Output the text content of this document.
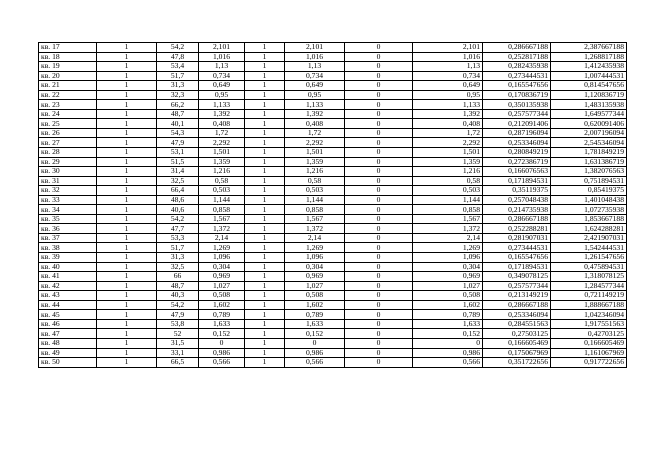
кв. 17	1	54,2	2,101	1	2,101	0	2,101	0,286667188	2,387667188
кв. 18	1	47,8	1,016	1	1,016	0	1,016	0,252817188	1,268817188
кв. 19	1	53,4	1,13	1	1,13	0	1,13	0,282435938	1,412435938
кв. 20	1	51,7	0,734	1	0,734	0	0,734	0,273444531	1,007444531
кв. 21	1	31,3	0,649	1	0,649	0	0,649	0,165547656	0,814547656
кв. 22	1	32,3	0,95	1	0,95	0	0,95	0,170836719	1,120836719
кв. 23	1	66,2	1,133	1	1,133	0	1,133	0,350135938	1,483135938
кв. 24	1	48,7	1,392	1	1,392	0	1,392	0,257577344	1,649577344
кв. 25	1	40,1	0,408	1	0,408	0	0,408	0,212091406	0,620091406
кв. 26	1	54,3	1,72	1	1,72	0	1,72	0,287196094	2,007196094
кв. 27	1	47,9	2,292	1	2,292	0	2,292	0,253346094	2,545346094
кв. 28	1	53,1	1,501	1	1,501	0	1,501	0,280849219	1,781849219
кв. 29	1	51,5	1,359	1	1,359	0	1,359	0,272386719	1,631386719
кв. 30	1	31,4	1,216	1	1,216	0	1,216	0,166076563	1,382076563
кв. 31	1	32,5	0,58	1	0,58	0	0,58	0,171894531	0,751894531
кв. 32	1	66,4	0,503	1	0,503	0	0,503	0,35119375	0,85419375
кв. 33	1	48,6	1,144	1	1,144	0	1,144	0,257048438	1,401048438
кв. 34	1	40,6	0,858	1	0,858	0	0,858	0,214735938	1,072735938
кв. 35	1	54,2	1,567	1	1,567	0	1,567	0,286667188	1,853667188
кв. 36	1	47,7	1,372	1	1,372	0	1,372	0,252288281	1,624288281
кв. 37	1	53,3	2,14	1	2,14	0	2,14	0,281907031	2,421907031
кв. 38	1	51,7	1,269	1	1,269	0	1,269	0,273444531	1,542444531
кв. 39	1	31,3	1,096	1	1,096	0	1,096	0,165547656	1,261547656
кв. 40	1	32,5	0,304	1	0,304	0	0,304	0,171894531	0,475894531
кв. 41	1	66	0,969	1	0,969	0	0,969	0,349078125	1,318078125
кв. 42	1	48,7	1,027	1	1,027	0	1,027	0,257577344	1,284577344
кв. 43	1	40,3	0,508	1	0,508	0	0,508	0,213149219	0,721149219
кв. 44	1	54,2	1,602	1	1,602	0	1,602	0,286667188	1,888667188
кв. 45	1	47,9	0,789	1	0,789	0	0,789	0,253346094	1,042346094
кв. 46	1	53,8	1,633	1	1,633	0	1,633	0,284551563	1,917551563
кв. 47	1	52	0,152	1	0,152	0	0,152	0,27503125	0,42703125
кв. 48	1	31,5	0	1	0	0	0	0,166605469	0,166605469
кв. 49	1	33,1	0,986	1	0,986	0	0,986	0,175067969	1,161067969
кв. 50	1	66,5	0,566	1	0,566	0	0,566	0,351722656	0,917722656
